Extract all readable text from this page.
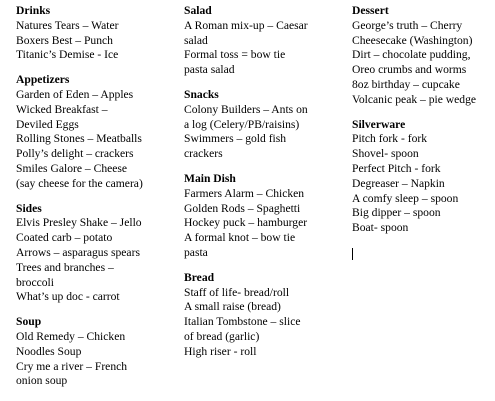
Drinks
Natures Tears – Water
Boxers Best – Punch
Titanic’s Demise - Ice
Appetizers
Garden of Eden – Apples
Wicked Breakfast –
Deviled Eggs
Rolling Stones – Meatballs
Polly’s delight – crackers
Smiles Galore – Cheese
(say cheese for the camera)
Sides
Elvis Presley Shake – Jello
Coated carb – potato
Arrows – asparagus spears
Trees and branches –
broccoli
What’s up doc - carrot
Soup
Old Remedy – Chicken
Noodles Soup
Cry me a river – French
onion soup
Salad
A Roman mix-up – Caesar
salad
Formal toss = bow tie
pasta salad
Snacks
Colony Builders – Ants on
a log (Celery/PB/raisins)
Swimmers – gold fish
crackers
Main Dish
Farmers Alarm – Chicken
Golden Rods – Spaghetti
Hockey puck – hamburger
A formal knot – bow tie
pasta
Bread
Staff of life- bread/roll
A small raise (bread)
Italian Tombstone – slice
of bread (garlic)
High riser - roll
Dessert
George’s truth – Cherry
Cheesecake (Washington)
Dirt – chocolate pudding,
Oreo crumbs and worms
8oz birthday – cupcake
Volcanic peak – pie wedge
Silverware
Pitch fork - fork
Shovel- spoon
Perfect Pitch - fork
Degreaser – Napkin
A comfy sleep – spoon
Big dipper – spoon
Boat- spoon
